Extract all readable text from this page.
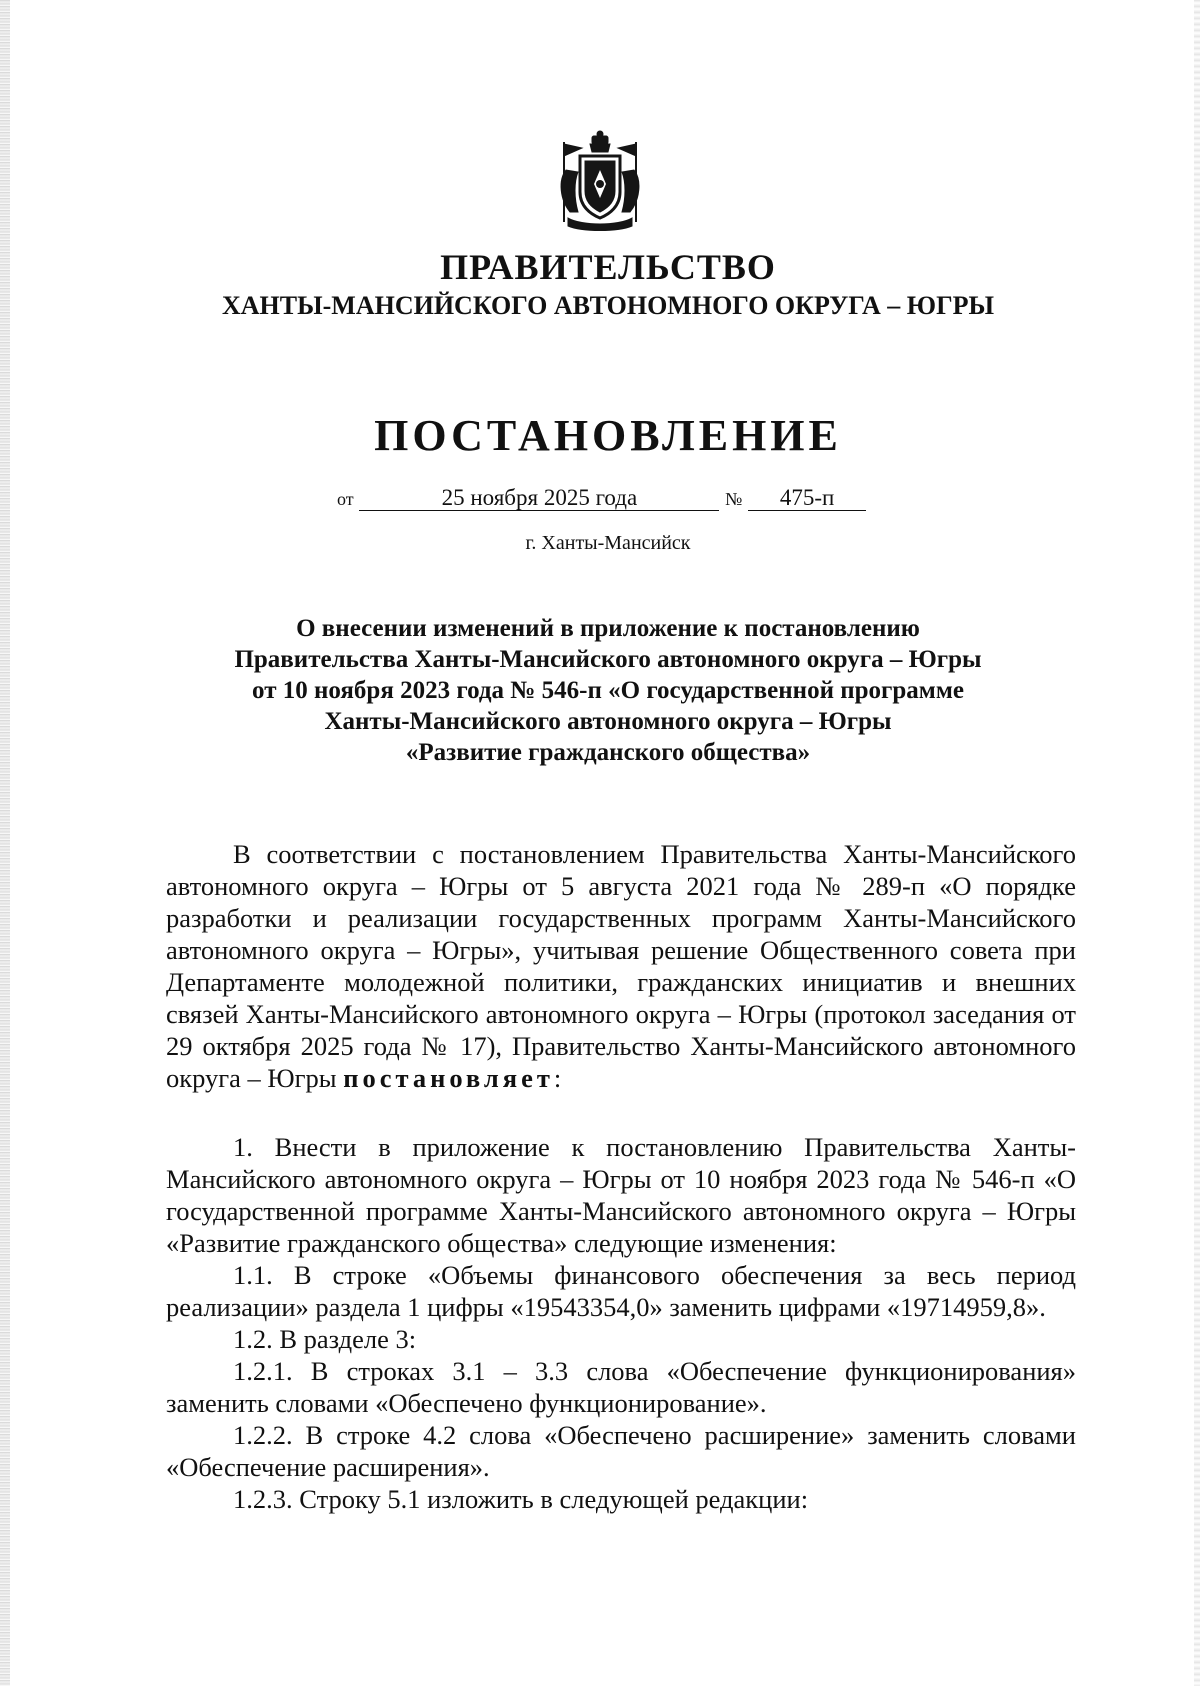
ПРАВИТЕЛЬСТВО
ХАНТЫ-МАНСИЙСКОГО АВТОНОМНОГО ОКРУГА – ЮГРЫ
ПОСТАНОВЛЕНИЕ
от	25 ноября 2025 года	№ 475-п
г. Ханты-Мансийск
О внесении изменений в приложение к постановлению
Правительства Ханты-Мансийского автономного округа – Югры
от 10 ноября 2023 года № 546-п «О государственной программе
Ханты-Мансийского автономного округа – Югры
«Развитие гражданского общества»

В соответствии с постановлением Правительства Ханты-Мансийского автономного округа – Югры от 5 августа 2021 года № 289-п «О порядке разработки и реализации государственных программ Ханты-Мансийского автономного округа – Югры», учитывая решение Общественного совета при Департаменте молодежной политики, гражданских инициатив и внешних связей Ханты-Мансийского автономного округа – Югры (протокол заседания от 29 октября 2025 года № 17), Правительство Ханты-Мансийского автономного округа – Югры постановляет:

1. Внести в приложение к постановлению Правительства Ханты-Мансийского автономного округа – Югры от 10 ноября 2023 года № 546-п «О государственной программе Ханты-Мансийского автономного округа – Югры «Развитие гражданского общества» следующие изменения:

1.1. В строке «Объемы финансового обеспечения за весь период реализации» раздела 1 цифры «19543354,0» заменить цифрами «19714959,8».

1.2. В разделе 3:

1.2.1. В строках 3.1 – 3.3 слова «Обеспечение функционирования» заменить словами «Обеспечено функционирование».

1.2.2. В строке 4.2 слова «Обеспечено расширение» заменить словами «Обеспечение расширения».

1.2.3. Строку 5.1 изложить в следующей редакции:
